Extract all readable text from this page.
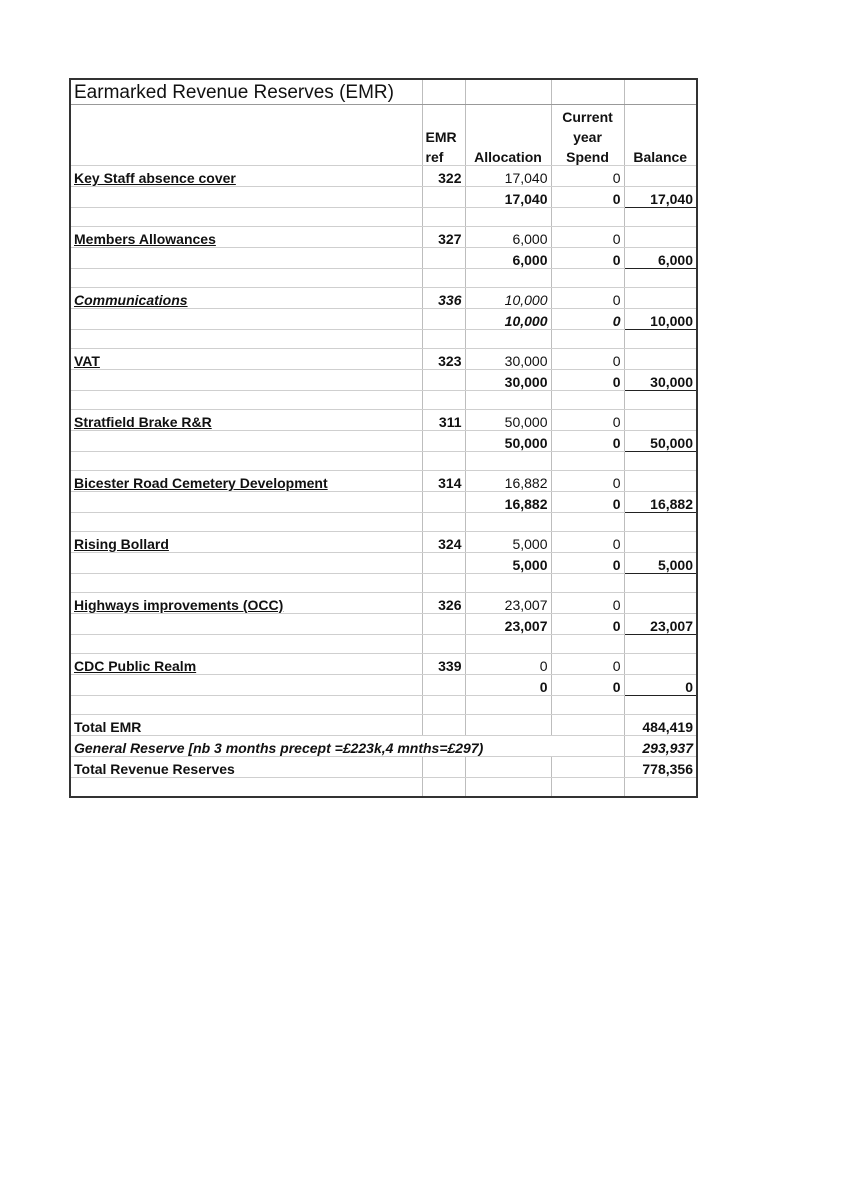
Earmarked Revenue Reserves (EMR)				
			Current	
	EMR		year	
	ref	Allocation	Spend	Balance
Key Staff absence cover	322	17,040	0	
		17,040	0	17,040

Members Allowances	327	6,000	0	
		6,000	0	6,000

Communications	336	10,000	0	
		10,000	0	10,000

VAT	323	30,000	0	
		30,000	0	30,000

Stratfield Brake R&R	311	50,000	0	
		50,000	0	50,000

Bicester Road Cemetery Development	314	16,882	0	
		16,882	0	16,882

Rising Bollard	324	5,000	0	
		5,000	0	5,000

Highways improvements (OCC)	326	23,007	0	
		23,007	0	23,007

CDC Public Realm	339	0	0	
		0	0	0

Total EMR				484,419
General Reserve [nb 3 months precept =£223k,4 mnths=£297)				293,937
Total Revenue Reserves				778,356
